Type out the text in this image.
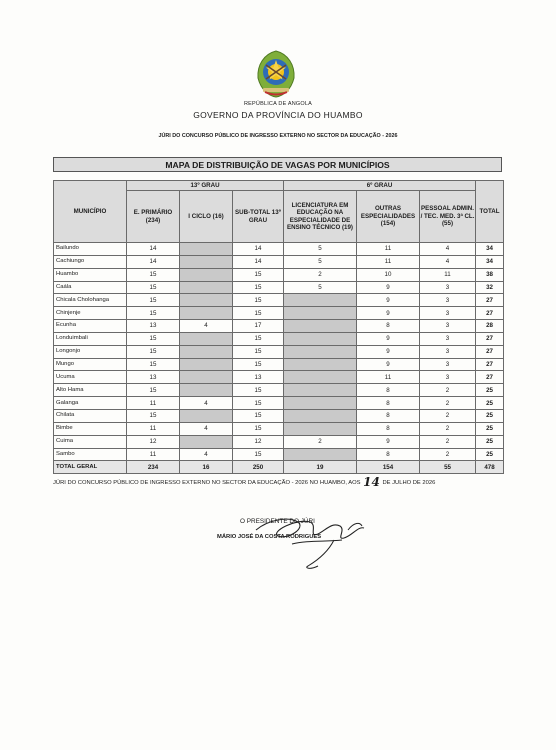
REPÚBLICA DE ANGOLA
GOVERNO DA PROVÍNCIA DO HUAMBO
JÚRI DO CONCURSO PÚBLICO DE INGRESSO EXTERNO NO SECTOR DA EDUCAÇÃO - 2026
MAPA DE DISTRIBUIÇÃO DE VAGAS POR MUNICÍPIOS
MUNICÍPIO	13º GRAU			6º GRAU			TOTAL
	E. PRIMÁRIO (234)	I CICLO (16)	SUB-TOTAL 13º GRAU	LICENCIATURA EM EDUCAÇÃO NA ESPECIALIDADE DE ENSINO TÉCNICO (19)	OUTRAS ESPECIALIDADES (154)	PESSOAL ADMIN. / TEC. MED. 3ª CL. (55)	
Bailundo	14		14	5	11	4	34
Cachiungo	14		14	5	11	4	34
Huambo	15		15	2	10	11	38
Caála	15		15	5	9	3	32
Chicala Cholohanga	15		15		9	3	27
Chinjenje	15		15		9	3	27
Ecunha	13	4	17		8	3	28
Londuimbali	15		15		9	3	27
Longonjo	15		15		9	3	27
Mungo	15		15		9	3	27
Ucuma	13		13		11	3	27
Alto Hama	15		15		8	2	25
Galanga	11	4	15		8	2	25
Chilata	15		15		8	2	25
Bimbe	11	4	15		8	2	25
Cuima	12		12	2	9	2	25
Sambo	11	4	15		8	2	25
TOTAL GERAL	234	16	250	19	154	55	478
JÚRI DO CONCURSO PÚBLICO DE INGRESSO EXTERNO NO SECTOR DA EDUCAÇÃO - 2026 NO HUAMBO, AOS 14 DE JULHO DE 2026
O PRESIDENTE DO JÚRI
MÁRIO JOSÉ DA COSTA RODRIGUES
